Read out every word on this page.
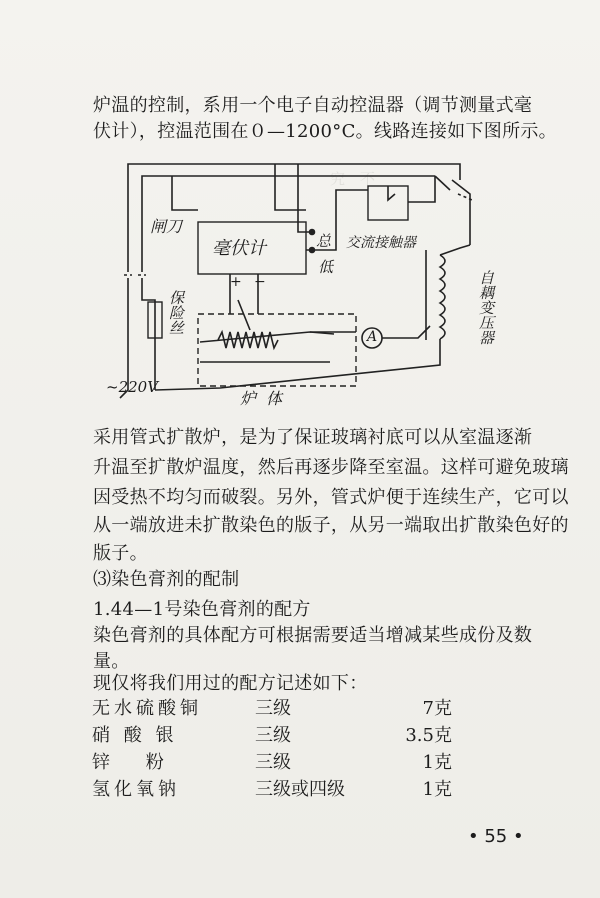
究　不
炉温的控制，系用一个电子自动控温器（调节测量式毫
伏计），控温范围在０—1200°C。线路连接如下图所示。
闸刀
保险丝
~220V
毫伏计
+ −
总
低
交流接触器
自耦变压器
A
炉体
采用管式扩散炉，是为了保证玻璃衬底可以从室温逐渐
升温至扩散炉温度，然后再逐步降至室温。这样可避免玻璃
因受热不均匀而破裂。另外，管式炉便于连续生产，它可以
从一端放进未扩散染色的版子，从另一端取出扩散染色好的
版子。
⑶染色膏剂的配制
1.44—1号染色膏剂的配方
染色膏剂的具体配方可根据需要适当增减某些成份及数
量。
现仅将我们用过的配方记述如下：
无水硫酸铜	三级	7克
硝 酸 银	三级	3.5克
锌　 粉	三级	1克
氢化氧钠	三级或四级	1克
• 55 •
